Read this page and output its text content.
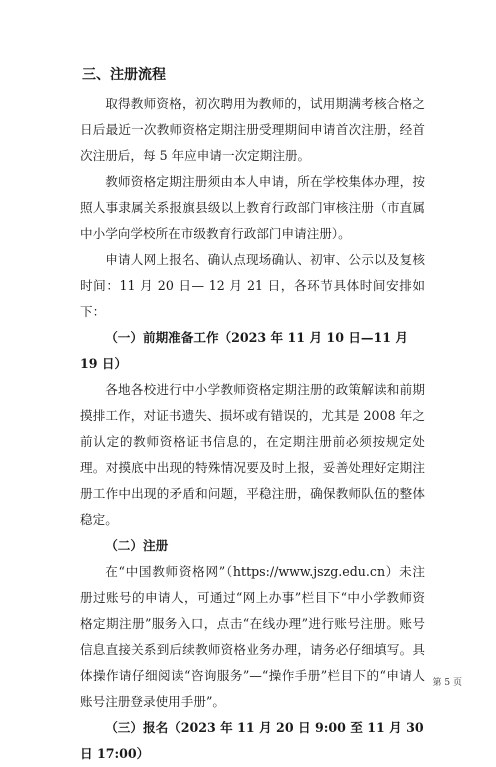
三、注册流程

取得教师资格，初次聘用为教师的，试用期满考核合格之日后最近一次教师资格定期注册受理期间申请首次注册，经首次注册后，每 5 年应申请一次定期注册。

教师资格定期注册须由本人申请，所在学校集体办理，按照人事隶属关系报旗县级以上教育行政部门审核注册（市直属中小学向学校所在市级教育行政部门申请注册）。

申请人网上报名、确认点现场确认、初审、公示以及复核时间：11 月 20 日— 12 月 21 日，各环节具体时间安排如下：

（一）前期准备工作（2023 年 11 月 10 日—11 月 19 日）

各地各校进行中小学教师资格定期注册的政策解读和前期摸排工作，对证书遗失、损坏或有错误的，尤其是 2008 年之前认定的教师资格证书信息的，在定期注册前必须按规定处理。对摸底中出现的特殊情况要及时上报，妥善处理好定期注册工作中出现的矛盾和问题，平稳注册，确保教师队伍的整体稳定。

（二）注册

在“中国教师资格网”（https://www.jszg.edu.cn）未注册过账号的申请人，可通过“网上办事”栏目下“中小学教师资格定期注册”服务入口，点击“在线办理”进行账号注册。账号信息直接关系到后续教师资格业务办理，请务必仔细填写。具体操作请仔细阅读“咨询服务”—“操作手册”栏目下的“申请人账号注册登录使用手册”。

（三）报名（2023 年 11 月 20 日 9:00 至 11 月 30 日 17:00）

第 5 页
